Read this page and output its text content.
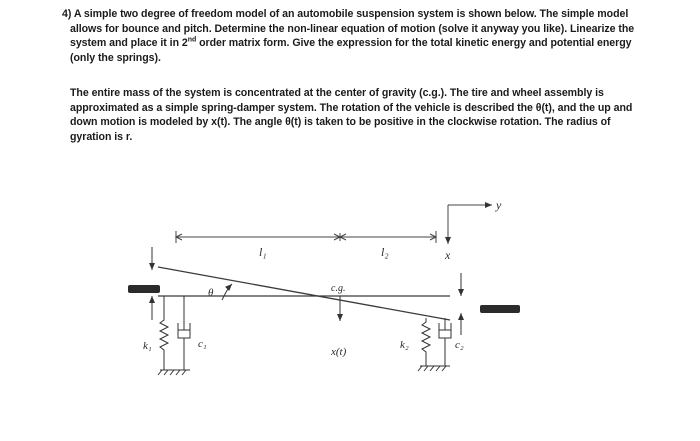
4) A simple two degree of freedom model of an automobile suspension system is shown below. The simple model
allows for bounce and pitch. Determine the non-linear equation of motion (solve it anyway you like). Linearize the
system and place it in 2nd order matrix form. Give the expression for the total kinetic energy and potential energy
(only the springs).
The entire mass of the system is concentrated at the center of gravity (c.g.). The tire and wheel assembly is
approximated as a simple spring-damper system. The rotation of the vehicle is described the θ(t), and the up and
down motion is modeled by x(t). The angle θ(t) is taken to be positive in the clockwise rotation. The radius of
gyration is r.
l₁	l₂
y
x
c.g.
θ
x(t)
k₁	c₁	k₂	c₂
